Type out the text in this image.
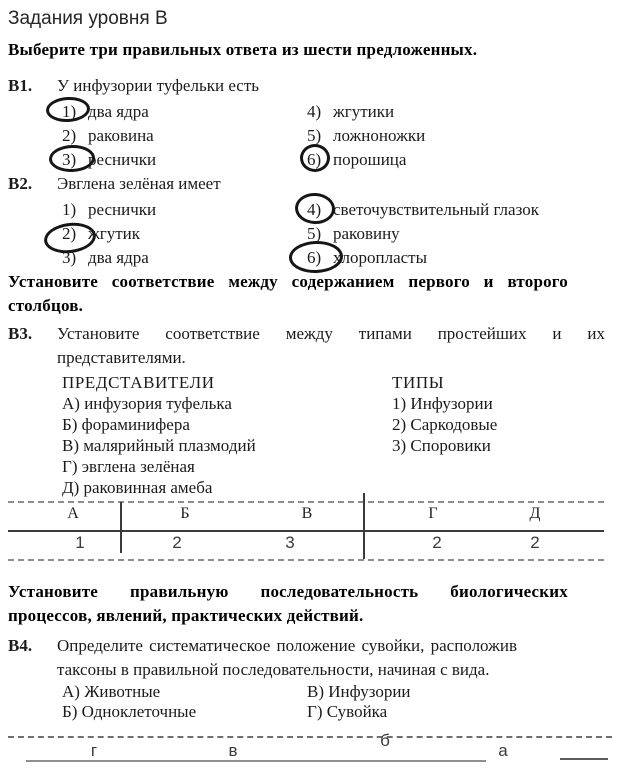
Задания уровня В

Выберите три правильных ответа из шести предложенных.

В1. У инфузории туфельки есть
1) два ядра
2) раковина
3) реснички
4) жгутики
5) ложноножки
6) порошица
В2. Эвглена зелёная имеет
1) реснички
2) жгутик
3) два ядра
4) светочувствительный глазок
5) раковину
6) хлоропласты

Установите соответствие между содержанием первого и второго столбцов.

В3. Установите соответствие между типами простейших и их представителями.
ПРЕДСТАВИТЕЛИ
А) инфузория туфелька
Б) фораминифера
В) малярийный плазмодий
Г) эвглена зелёная
Д) раковинная амеба
ТИПЫ
1) Инфузории
2) Саркодовые
3) Споровики
А	Б	В	Г	Д
1	2	3	2	2

Установите правильную последовательность биологических процессов, явлений, практических действий.

В4. Определите систематическое положение сувойки, расположив таксоны в правильной последовательности, начиная с вида.
А) Животные
Б) Одноклеточные
В) Инфузории
Г) Сувойка
г	в
б
а
